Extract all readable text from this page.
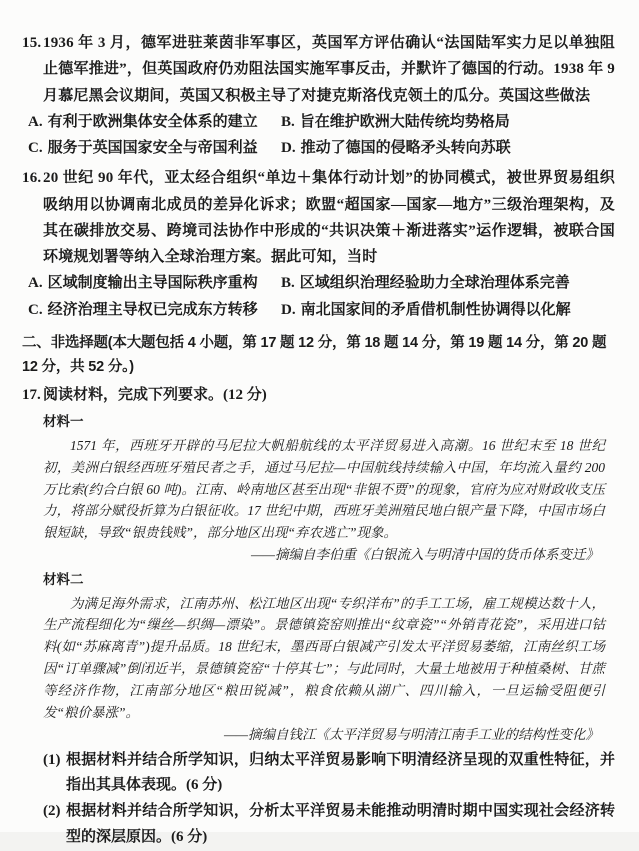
15. 1936 年 3 月，德军进驻莱茵非军事区，英国军方评估确认“法国陆军实力足以单独阻止德军推进”，但英国政府仍劝阻法国实施军事反击，并默许了德国的行动。1938 年 9 月慕尼黑会议期间，英国又积极主导了对捷克斯洛伐克领土的瓜分。英国这些做法
A. 有利于欧洲集体安全体系的建立	B. 旨在维护欧洲大陆传统均势格局
C. 服务于英国国家安全与帝国利益	D. 推动了德国的侵略矛头转向苏联
16. 20 世纪 90 年代，亚太经合组织“单边＋集体行动计划”的协同模式，被世界贸易组织吸纳用以协调南北成员的差异化诉求；欧盟“超国家—国家—地方”三级治理架构，及其在碳排放交易、跨境司法协作中形成的“共识决策＋渐进落实”运作逻辑，被联合国环境规划署等纳入全球治理方案。据此可知，当时
A. 区域制度输出主导国际秩序重构	B. 区域组织治理经验助力全球治理体系完善
C. 经济治理主导权已完成东方转移	D. 南北国家间的矛盾借机制性协调得以化解
二、非选择题(本大题包括 4 小题，第 17 题 12 分，第 18 题 14 分，第 19 题 14 分，第 20 题 12 分，共 52 分。)
17. 阅读材料，完成下列要求。(12 分)
材料一

1571 年，西班牙开辟的马尼拉大帆船航线的太平洋贸易进入高潮。16 世纪末至 18 世纪初，美洲白银经西班牙殖民者之手，通过马尼拉—中国航线持续输入中国，年均流入量约 200 万比索(约合白银 60 吨)。江南、岭南地区甚至出现“非银不贾”的现象，官府为应对财政收支压力，将部分赋役折算为白银征收。17 世纪中期，西班牙美洲殖民地白银产量下降，中国市场白银短缺，导致“银贵钱贱”，部分地区出现“弃农逃亡”现象。

——摘编自李伯重《白银流入与明清中国的货币体系变迁》
材料二

为满足海外需求，江南苏州、松江地区出现“专织洋布”的手工工场，雇工规模达数十人，生产流程细化为“缫丝—织绸—漂染”。景德镇瓷窑则推出“纹章瓷”“外销青花瓷”，采用进口钴料(如“苏麻离青”)提升品质。18 世纪末，墨西哥白银减产引发太平洋贸易萎缩，江南丝织工场因“订单骤减”倒闭近半，景德镇瓷窑“十停其七”；与此同时，大量土地被用于种植桑树、甘蔗等经济作物，江南部分地区“粮田锐减”，粮食依赖从湖广、四川输入，一旦运输受阻便引发“粮价暴涨”。

——摘编自钱江《太平洋贸易与明清江南手工业的结构性变化》
(1) 根据材料并结合所学知识，归纳太平洋贸易影响下明清经济呈现的双重性特征，并指出其具体表现。(6 分)
(2) 根据材料并结合所学知识，分析太平洋贸易未能推动明清时期中国实现社会经济转型的深层原因。(6 分)
